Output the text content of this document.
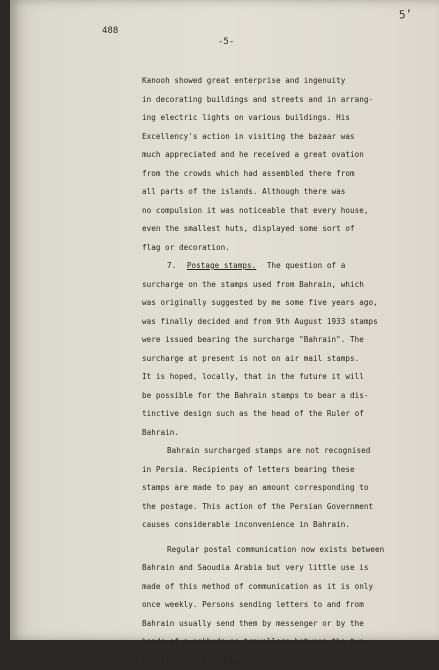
488
5’
-5-
Kanooh showed great enterprise and ingenuity
in decorating buildings and streets and in arrang-
ing electric lights on various buildings. His
Excellency's action in visiting the bazaar was
much appreciated and he received a great ovation
from the crowds which had assembled there from
all parts of the islands. Although there was
no compulsion it was noticeable that every house,
even the smallest huts, displayed some sort of
flag or decoration.
7. Postage stamps. The question of a
surcharge on the stamps used from Bahrain, which
was originally suggested by me some five years ago,
was finally decided and from 9th August 1933 stamps
were issued bearing the surcharge "Bahrain". The
surcharge at present is not on air mail stamps.
It is hoped, locally, that in the future it will
be possible for the Bahrain stamps to bear a dis-
tinctive design such as the head of the Ruler of
Bahrain.
Bahrain surcharged stamps are not recognised
in Persia. Recipients of letters bearing these
stamps are made to pay an amount corresponding to
the postage. This action of the Persian Government
causes considerable inconvenience in Bahrain.
Regular postal communication now exists between
Bahrain and Saoudia Arabia but very little use is
made of this method of communication as it is only
once weekly. Persons sending letters to and from
Bahrain usually send them by messenger or by the
hands of a nakhuda as travellers between the two
countries come and go almost every day.
